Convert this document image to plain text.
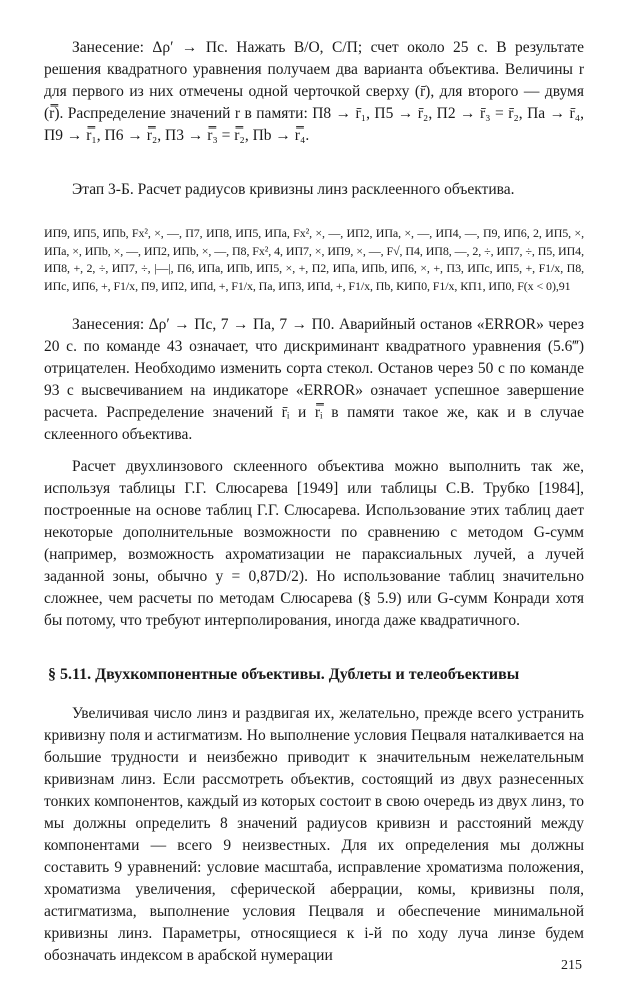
Занесение: Δρ′ → Пс. Нажать В/О, С/П; счет около 25 с. В результате решения квадратного уравнения получаем два варианта объектива. Величины r для первого из них отмечены одной черточкой сверху (r̄), для второго — двумя (r̿). Распределение значений r в памяти: П8 → r̄₁, П5 → r̄₂, П2 → r̄₃ = r̄₂, Па → r̄₄, П9 → r̿₁, П6 → r̿₂, П3 → r̿₃ = r̿₂, Пb → r̿₄.

Этап 3-Б. Расчет радиусов кривизны линз расклеенного объектива.

ИП9, ИП5, ИПb, Fx², ×, —, П7, ИП8, ИП5, ИПа, Fx², ×, —, ИП2, ИПа, ×, —, ИП4, —, П9, ИП6, 2, ИП5, ×, ИПа, ×, ИПb, ×, —, ИП2, ИПb, ×, —, П8, Fx², 4, ИП7, ×, ИП9, ×, —, F√, П4, ИП8, —, 2, ÷, ИП7, ÷, П5, ИП4, ИП8, +, 2, ÷, ИП7, ÷, |—|, П6, ИПа, ИПb, ИП5, ×, +, П2, ИПа, ИПb, ИП6, ×, +, П3, ИПс, ИП5, +, F1/x, П8, ИПс, ИП6, +, F1/x, П9, ИП2, ИПd, +, F1/x, Па, ИП3, ИПd, +, F1/x, Пb, КИП0, F1/x, КП1, ИП0, F(x < 0),91

Занесения: Δρ′ → Пс, 7 → Па, 7 → П0. Аварийный останов «ERROR» через 20 с. по команде 43 означает, что дискриминант квадратного уравнения (5.6‴) отрицателен. Необходимо изменить сорта стекол. Останов через 50 с по команде 93 с высвечиванием на индикаторе «ERROR» означает успешное завершение расчета. Распределение значений r̄ᵢ и r̿ᵢ в памяти такое же, как и в случае склеенного объектива.

Расчет двухлинзового склеенного объектива можно выполнить так же, используя таблицы Г.Г. Слюсарева [1949] или таблицы С.В. Трубко [1984], построенные на основе таблиц Г.Г. Слюсарева. Использование этих таблиц дает некоторые дополнительные возможности по сравнению с методом G-сумм (например, возможность ахроматизации не параксиальных лучей, а лучей заданной зоны, обычно y = 0,87D/2). Но использование таблиц значительно сложнее, чем расчеты по методам Слюсарева (§ 5.9) или G-сумм Конради хотя бы потому, что требуют интерполирования, иногда даже квадратичного.

§ 5.11. Двухкомпонентные объективы. Дублеты и телеобъективы

Увеличивая число линз и раздвигая их, желательно, прежде всего устранить кривизну поля и астигматизм. Но выполнение условия Пецваля наталкивается на большие трудности и неизбежно приводит к значительным нежелательным кривизнам линз. Если рассмотреть объектив, состоящий из двух разнесенных тонких компонентов, каждый из которых состоит в свою очередь из двух линз, то мы должны определить 8 значений радиусов кривизн и расстояний между компонентами — всего 9 неизвестных. Для их определения мы должны составить 9 уравнений: условие масштаба, исправление хроматизма положения, хроматизма увеличения, сферической аберрации, комы, кривизны поля, астигматизма, выполнение условия Пецваля и обеспечение минимальной кривизны линз. Параметры, относящиеся к i-й по ходу луча линзе будем обозначать индексом в арабской нумерации

215
